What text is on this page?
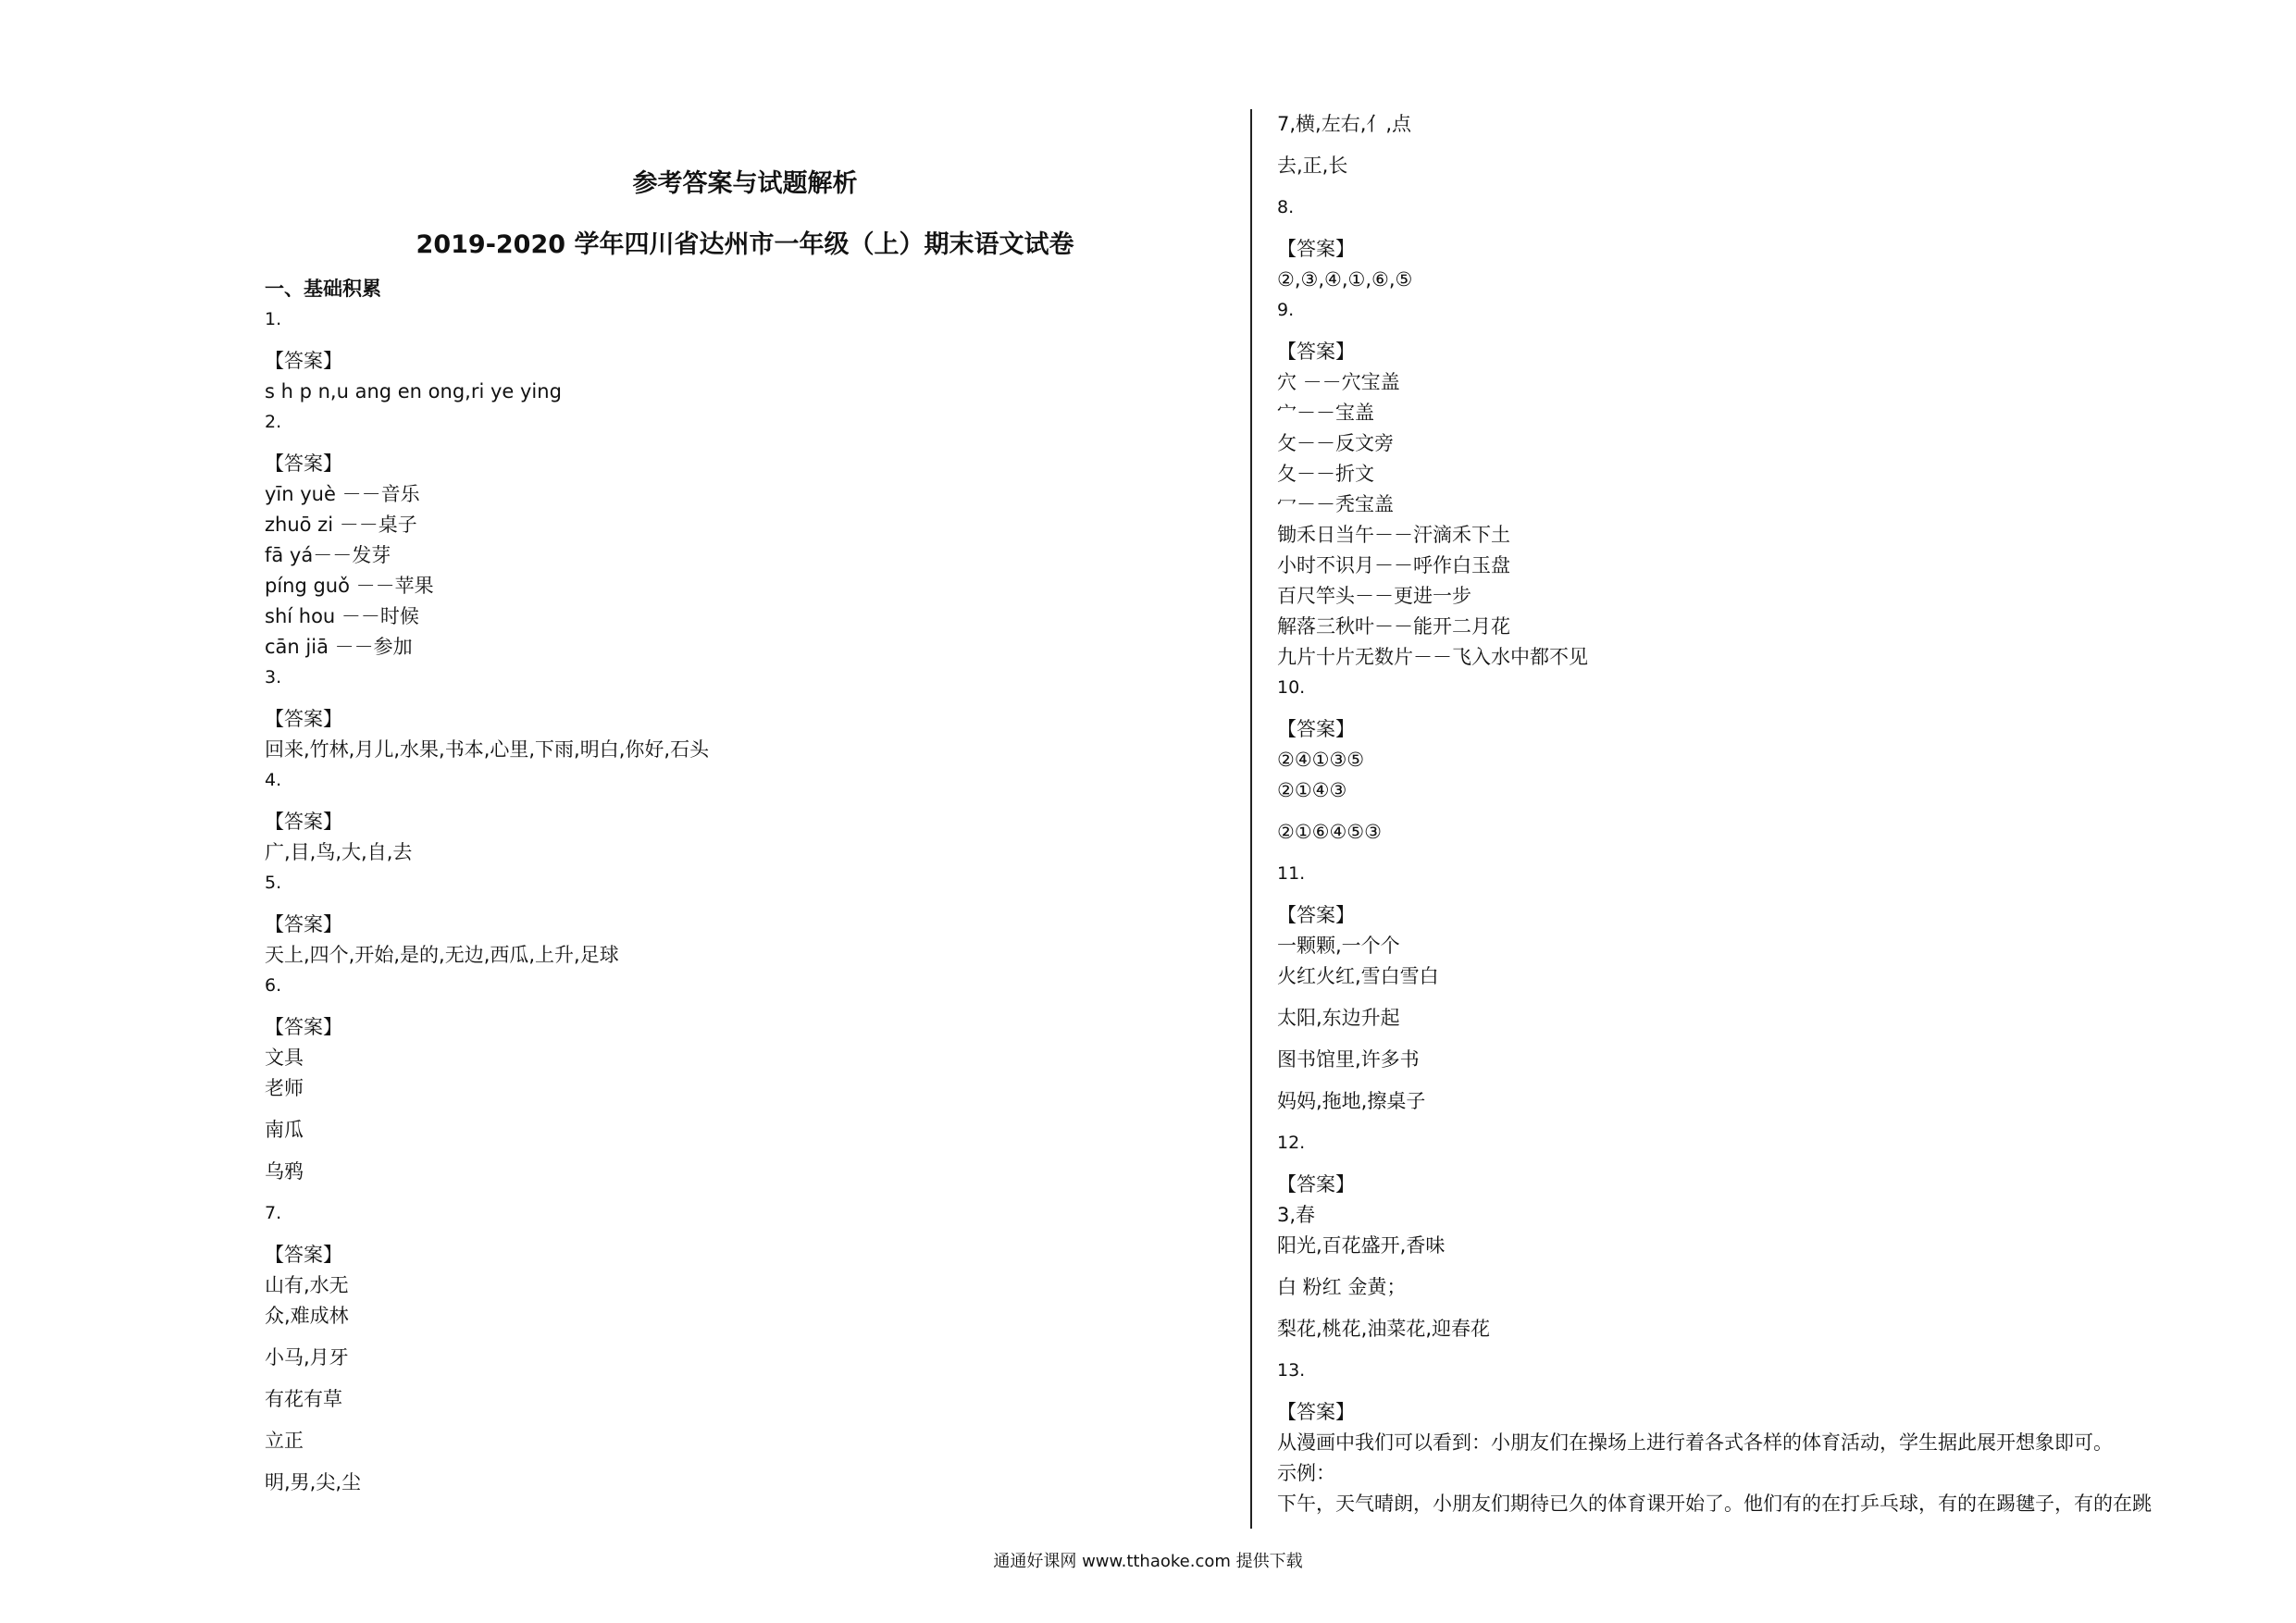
参考答案与试题解析
2019-2020 学年四川省达州市一年级（上）期末语文试卷
一、基础积累
1.
【答案】
s h p n,u ang en ong,ri ye ying
2.
【答案】
yīn yuè －－音乐
zhuō zi －－桌子
fā yá－－发芽
píng guǒ －－苹果
shí hou －－时候
cān jiā －－参加
3.
【答案】
回来,竹林,月儿,水果,书本,心里,下雨,明白,你好,石头
4.
【答案】
广,目,鸟,大,自,去
5.
【答案】
天上,四个,开始,是的,无边,西瓜,上升,足球
6.
【答案】
文具
老师
南瓜
乌鸦
7.
【答案】
山有,水无
众,难成林
小马,月牙
有花有草
立正
明,男,尖,尘
7,横,左右,亻,点
去,正,长
8.
【答案】
②,③,④,①,⑥,⑤
9.
【答案】
穴 －－穴宝盖
宀－－宝盖
攵－－反文旁
夂－－折文
冖－－秃宝盖
锄禾日当午－－汗滴禾下土
小时不识月－－呼作白玉盘
百尺竿头－－更进一步
解落三秋叶－－能开二月花
九片十片无数片－－飞入水中都不见
10.
【答案】
②④①③⑤
②①④③
②①⑥④⑤③
11.
【答案】
一颗颗,一个个
火红火红,雪白雪白
太阳,东边升起
图书馆里,许多书
妈妈,拖地,擦桌子
12.
【答案】
3,春
阳光,百花盛开,香味
白 粉红 金黄；
梨花,桃花,油菜花,迎春花
13.
【答案】
从漫画中我们可以看到：小朋友们在操场上进行着各式各样的体育活动，学生据此展开想象即可。
示例：
下午，天气晴朗，小朋友们期待已久的体育课开始了。他们有的在打乒乓球，有的在踢毽子，有的在跳
通通好课网 www.tthaoke.com 提供下载
